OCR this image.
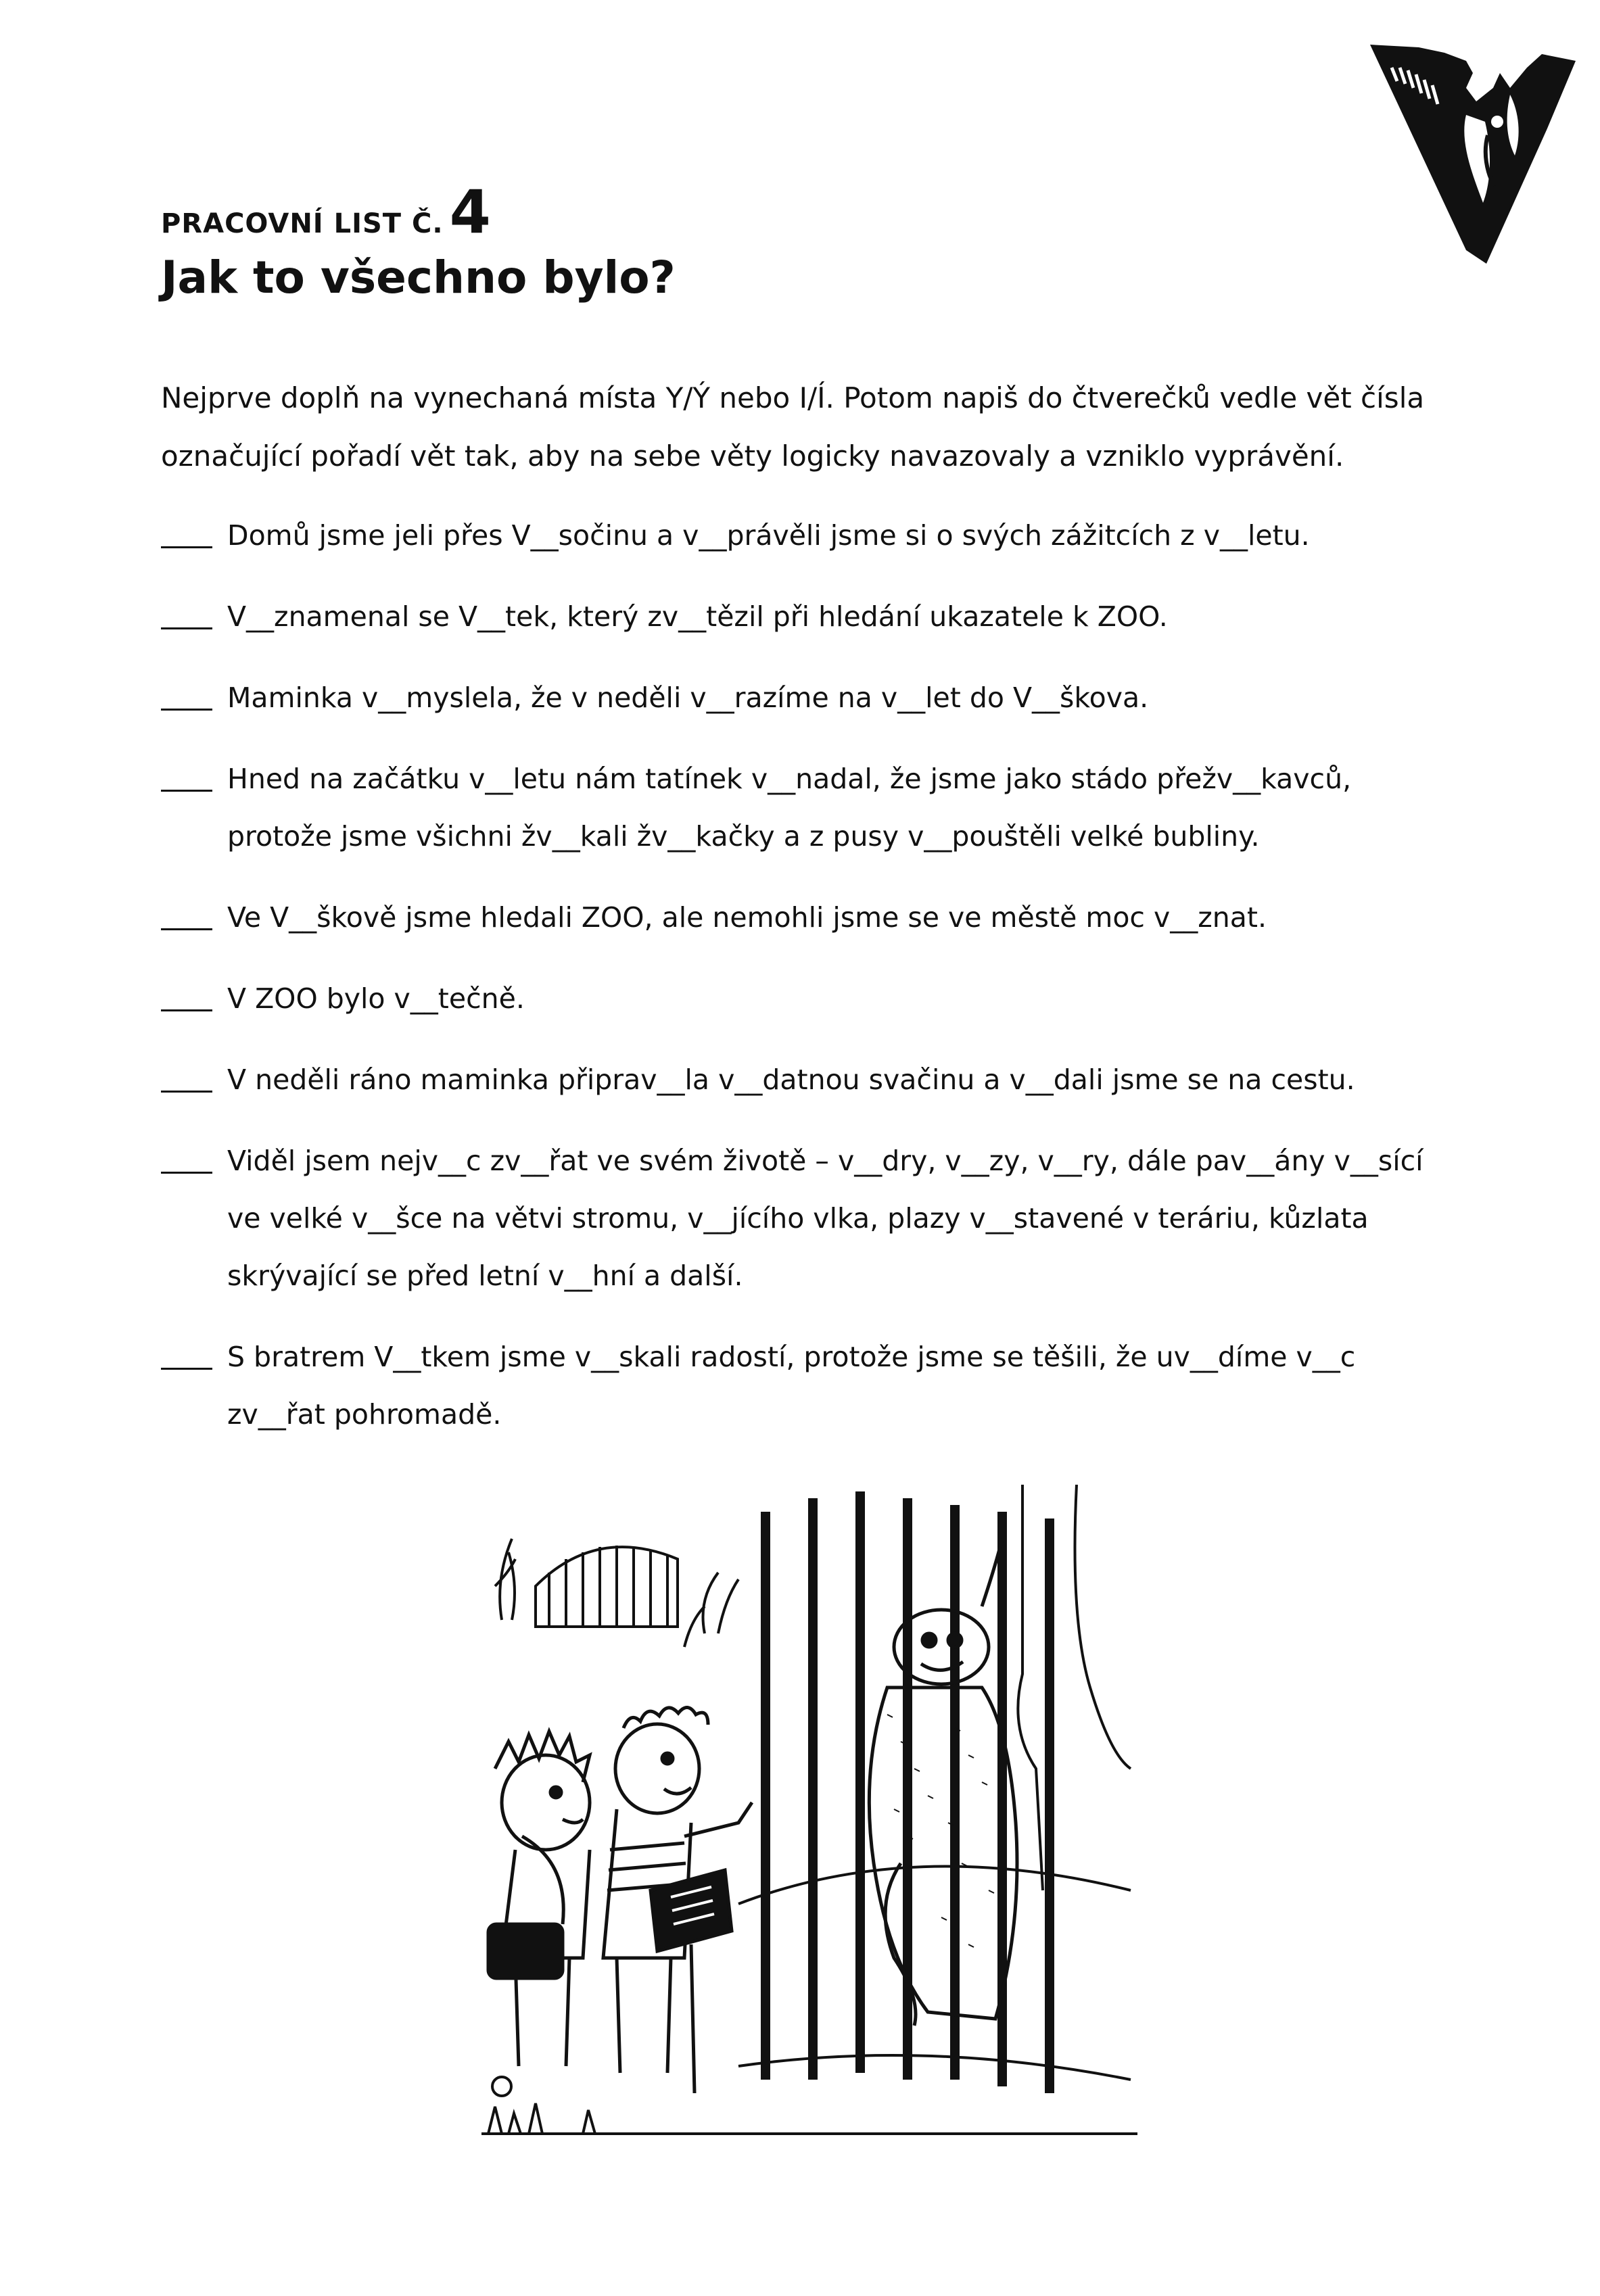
PRACOVNÍ LIST Č. 4
Jak to všechno bylo?

Nejprve doplň na vynechaná místa Y/Ý nebo I/Í. Potom napiš do čtverečků vedle vět čísla označující pořadí vět tak, aby na sebe věty logicky navazovaly a vzniklo vyprávění.

Domů jsme jeli přes V__sočinu a v__právěli jsme si o svých zážitcích z v__letu.
V__znamenal se V__tek, který zv__tězil při hledání ukazatele k ZOO.
Maminka v__myslela, že v neděli v__razíme na v__let do V__škova.
Hned na začátku v__letu nám tatínek v__nadal, že jsme jako stádo přežv__kavců, protože jsme všichni žv__kali žv__kačky a z pusy v__pouštěli velké bubliny.
Ve V__škově jsme hledali ZOO, ale nemohli jsme se ve městě moc v__znat.
V ZOO bylo v__tečně.
V neděli ráno maminka připrav__la v__datnou svačinu a v__dali jsme se na cestu.
Viděl jsem nejv__c zv__řat ve svém životě – v__dry, v__zy, v__ry, dále pav__ány v__sící ve velké v__šce na větvi stromu, v__jícího vlka, plazy v__stavené v teráriu, kůzlata skrývající se před letní v__hní a další.
S bratrem V__tkem jsme v__skali radostí, protože jsme se těšili, že uv__díme v__c zv__řat pohromadě.
